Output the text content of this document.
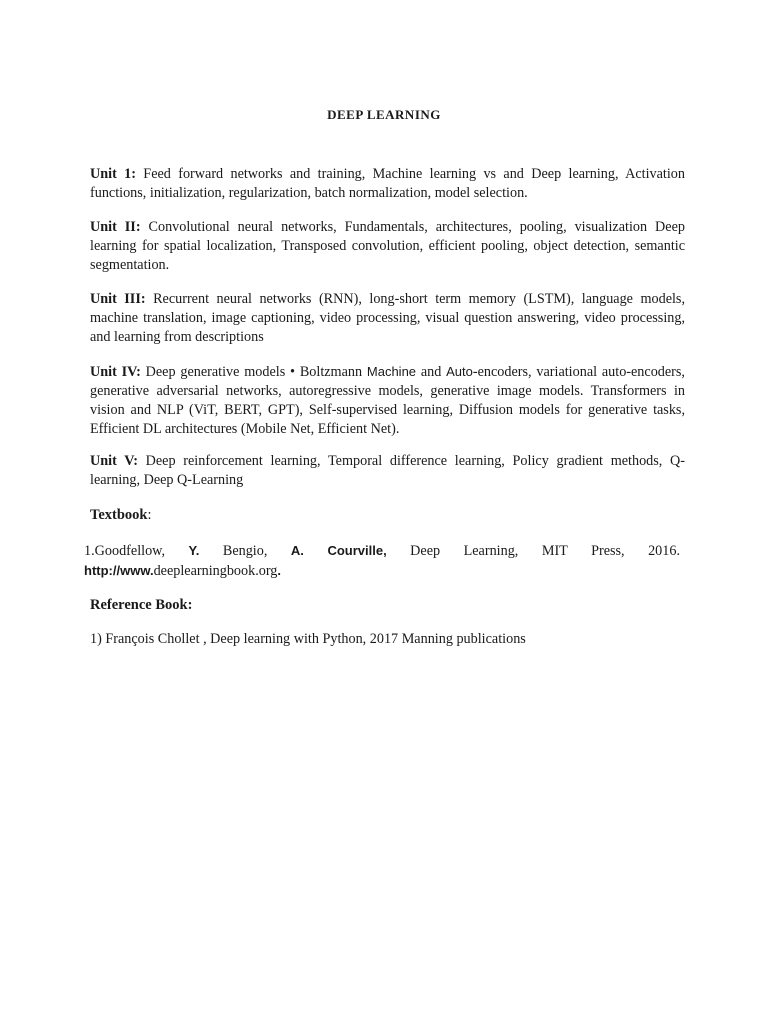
DEEP LEARNING

Unit 1: Feed forward networks and training, Machine learning vs and Deep learning, Activation functions, initialization, regularization, batch normalization, model selection.

Unit II: Convolutional neural networks, Fundamentals, architectures, pooling, visualization Deep learning for spatial localization, Transposed convolution, efficient pooling, object detection, semantic segmentation.

Unit III: Recurrent neural networks (RNN), long-short term memory (LSTM), language models, machine translation, image captioning, video processing, visual question answering, video processing, and learning from descriptions

Unit IV: Deep generative models • Boltzmann Machine and Auto-encoders, variational auto-encoders, generative adversarial networks, autoregressive models, generative image models. Transformers in vision and NLP (ViT, BERT, GPT), Self-supervised learning, Diffusion models for generative tasks, Efficient DL architectures (Mobile Net, Efficient Net).

Unit V: Deep reinforcement learning, Temporal difference learning, Policy gradient methods, Q-learning, Deep Q-Learning

Textbook:

1.Goodfellow, Y. Bengio, A. Courville, Deep Learning, MIT Press, 2016. http://www.deeplearningbook.org.

Reference Book:
1) François Chollet , Deep learning with Python, 2017 Manning publications
